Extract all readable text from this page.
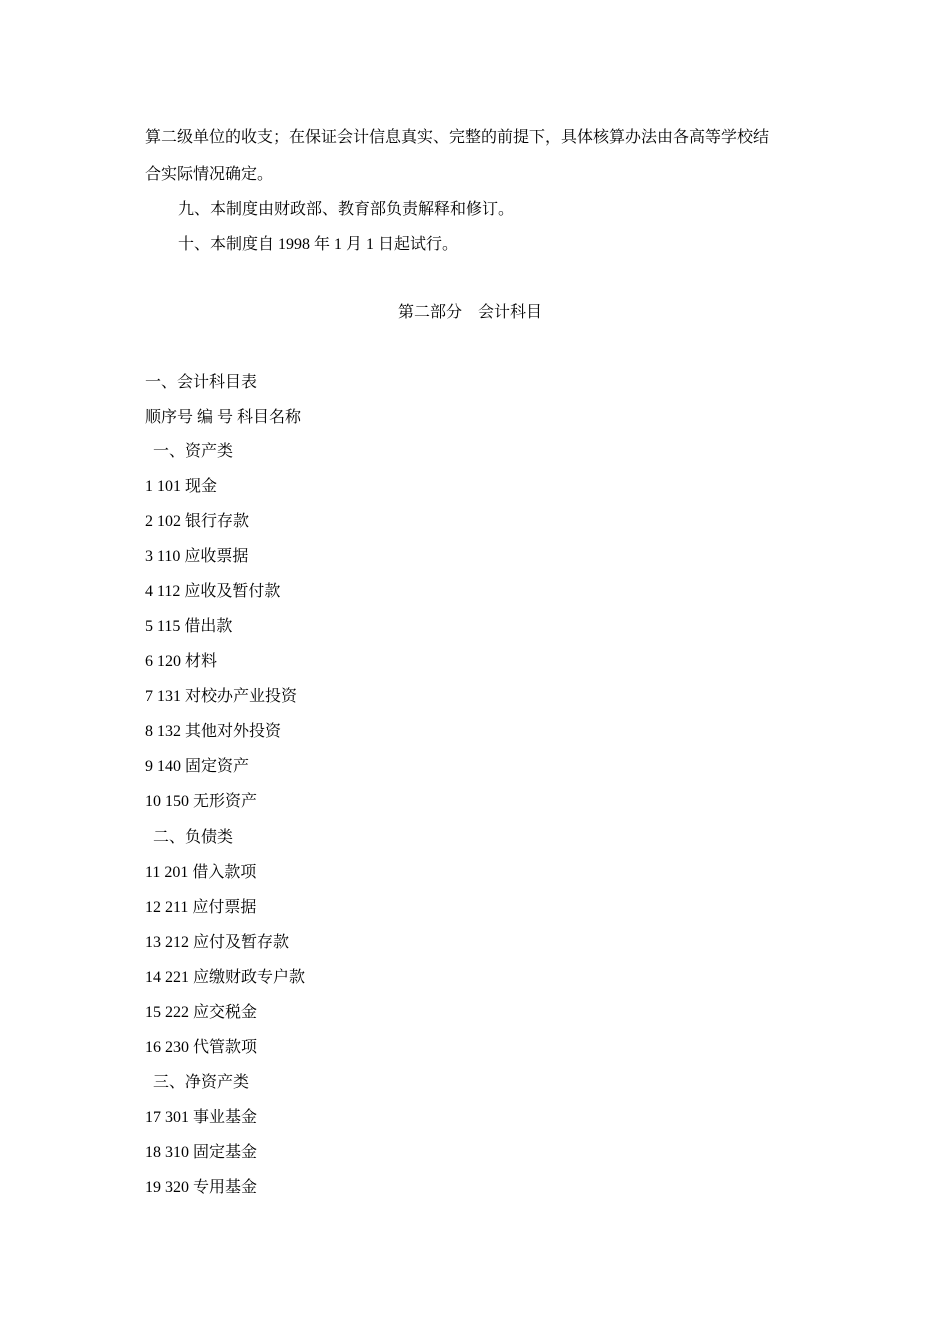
算二级单位的收支；在保证会计信息真实、完整的前提下，具体核算办法由各高等学校结
合实际情况确定。
九、本制度由财政部、教育部负责解释和修订。
十、本制度自 1998 年 1 月 1 日起试行。
第二部分　会计科目
一、会计科目表
顺序号 编 号 科目名称
一、资产类
1 101 现金
2 102 银行存款
3 110 应收票据
4 112 应收及暂付款
5 115 借出款
6 120 材料
7 131 对校办产业投资
8 132 其他对外投资
9 140 固定资产
10 150 无形资产
二、负债类
11 201 借入款项
12 211 应付票据
13 212 应付及暂存款
14 221 应缴财政专户款
15 222 应交税金
16 230 代管款项
三、净资产类
17 301 事业基金
18 310 固定基金
19 320 专用基金
